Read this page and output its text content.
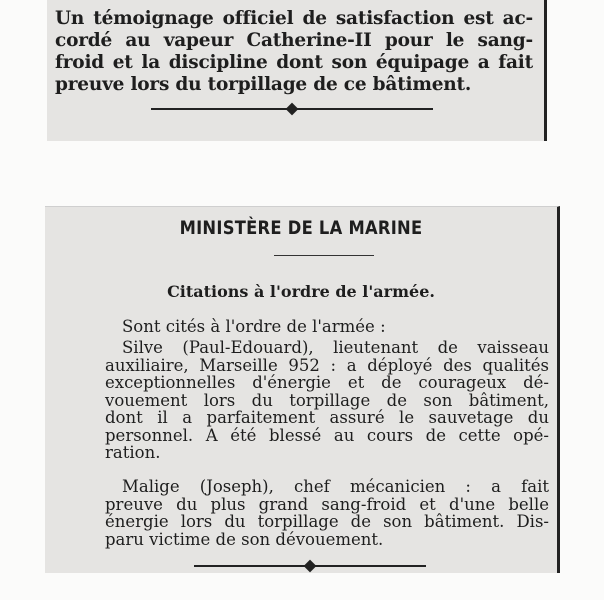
Un témoignage officiel de satisfaction est ac-
cordé au vapeur Catherine-II pour le sang-
froid et la discipline dont son équipage a fait
preuve lors du torpillage de ce bâtiment.

MINISTÈRE DE LA MARINE
Citations à l'ordre de l'armée.

Sont cités à l'ordre de l'armée :

Silve (Paul-Edouard), lieutenant de vaisseau
auxiliaire, Marseille 952 : a déployé des qualités
exceptionnelles d'énergie et de courageux dé-
vouement lors du torpillage de son bâtiment,
dont il a parfaitement assuré le sauvetage du
personnel. A été blessé au cours de cette opé-
ration.

Malige (Joseph), chef mécanicien : a fait
preuve du plus grand sang-froid et d'une belle
énergie lors du torpillage de son bâtiment. Dis-
paru victime de son dévouement.
